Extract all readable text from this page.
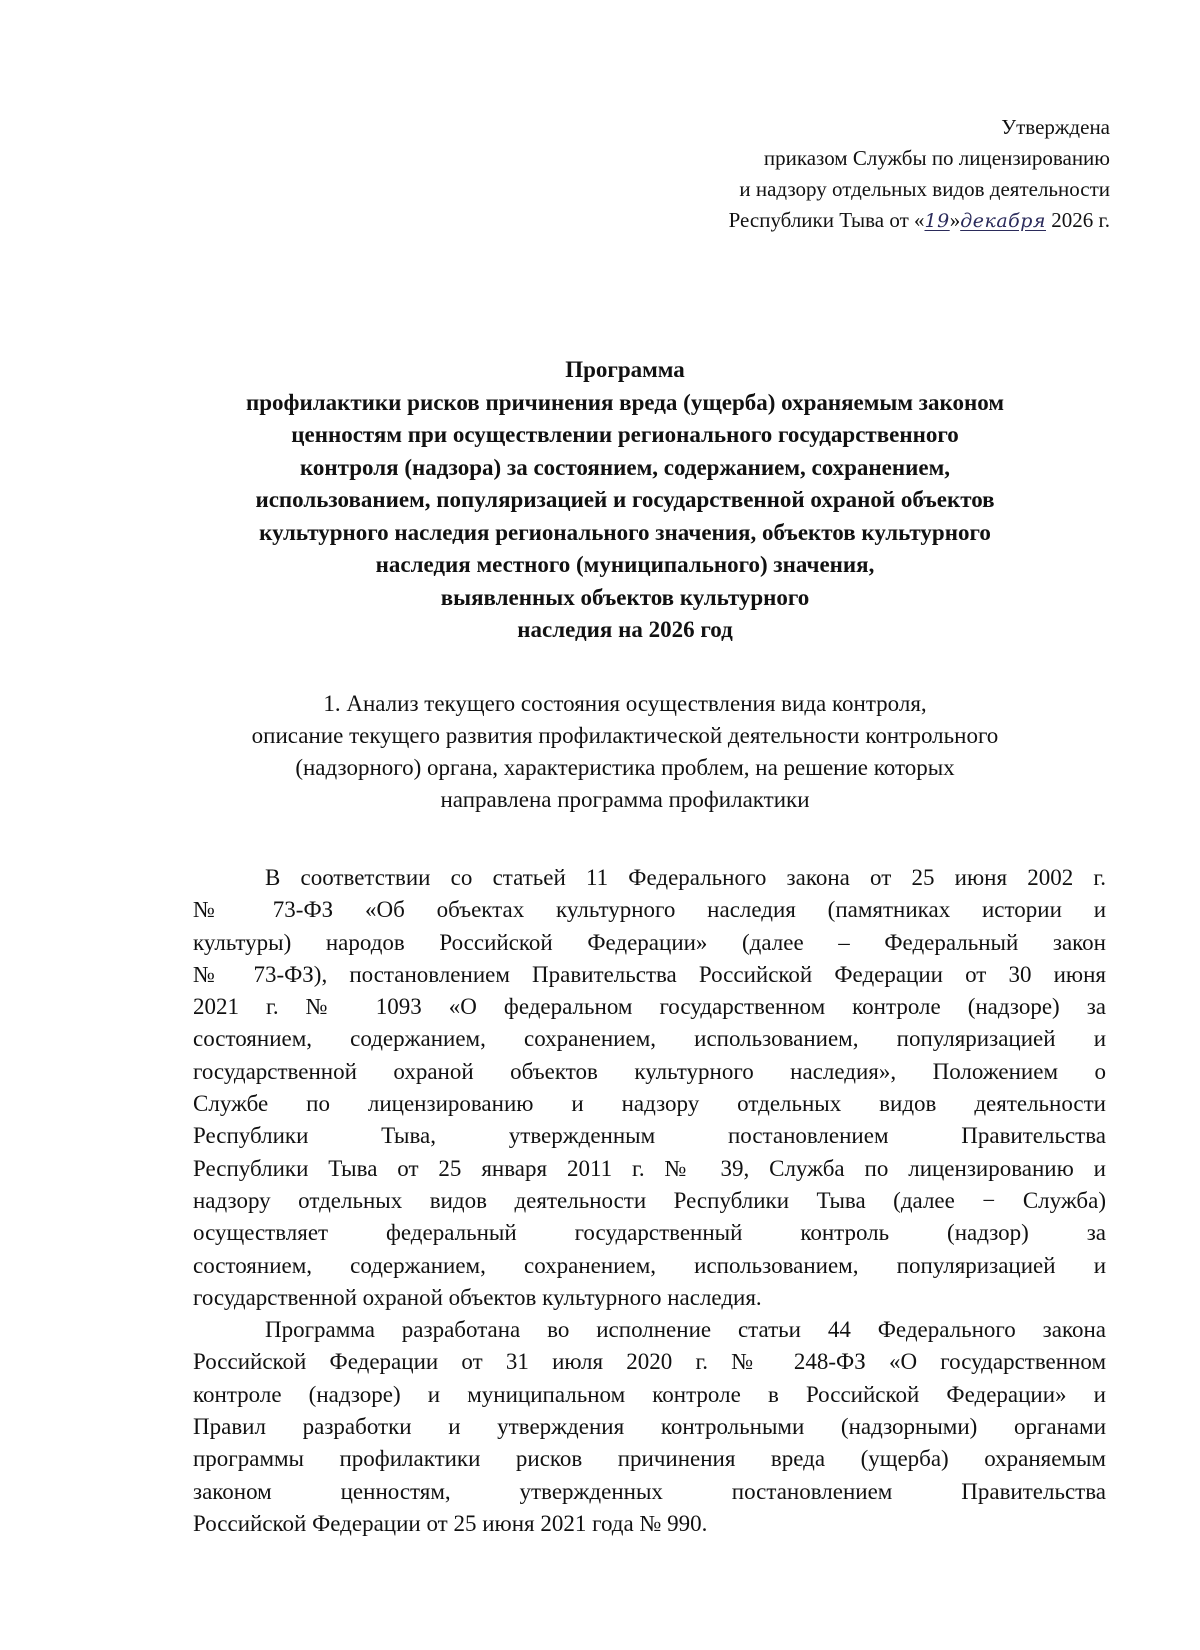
Утверждена
приказом Службы по лицензированию
и надзору отдельных видов деятельности
Республики Тыва от «19»декабря 2026 г.
Программа
профилактики рисков причинения вреда (ущерба) охраняемым законом
ценностям при осуществлении регионального государственного
контроля (надзора) за состоянием, содержанием, сохранением,
использованием, популяризацией и государственной охраной объектов
культурного наследия регионального значения, объектов культурного
наследия местного (муниципального) значения,
выявленных объектов культурного
наследия на 2026 год
1. Анализ текущего состояния осуществления вида контроля,
описание текущего развития профилактической деятельности контрольного
(надзорного) органа, характеристика проблем, на решение которых
направлена программа профилактики
В соответствии со статьей 11 Федерального закона от 25 июня 2002 г.
№ 73-ФЗ «Об объектах культурного наследия (памятниках истории и
культуры) народов Российской Федерации» (далее – Федеральный закон
№ 73-ФЗ), постановлением Правительства Российской Федерации от 30 июня
2021 г. № 1093 «О федеральном государственном контроле (надзоре) за
состоянием, содержанием, сохранением, использованием, популяризацией и
государственной охраной объектов культурного наследия», Положением о
Службе по лицензированию и надзору отдельных видов деятельности
Республики Тыва, утвержденным постановлением Правительства
Республики Тыва от 25 января 2011 г. № 39, Служба по лицензированию и
надзору отдельных видов деятельности Республики Тыва (далее − Служба)
осуществляет федеральный государственный контроль (надзор) за
состоянием, содержанием, сохранением, использованием, популяризацией и
государственной охраной объектов культурного наследия.
Программа разработана во исполнение статьи 44 Федерального закона
Российской Федерации от 31 июля 2020 г. № 248-ФЗ «О государственном
контроле (надзоре) и муниципальном контроле в Российской Федерации» и
Правил разработки и утверждения контрольными (надзорными) органами
программы профилактики рисков причинения вреда (ущерба) охраняемым
законом ценностям, утвержденных постановлением Правительства
Российской Федерации от 25 июня 2021 года № 990.
